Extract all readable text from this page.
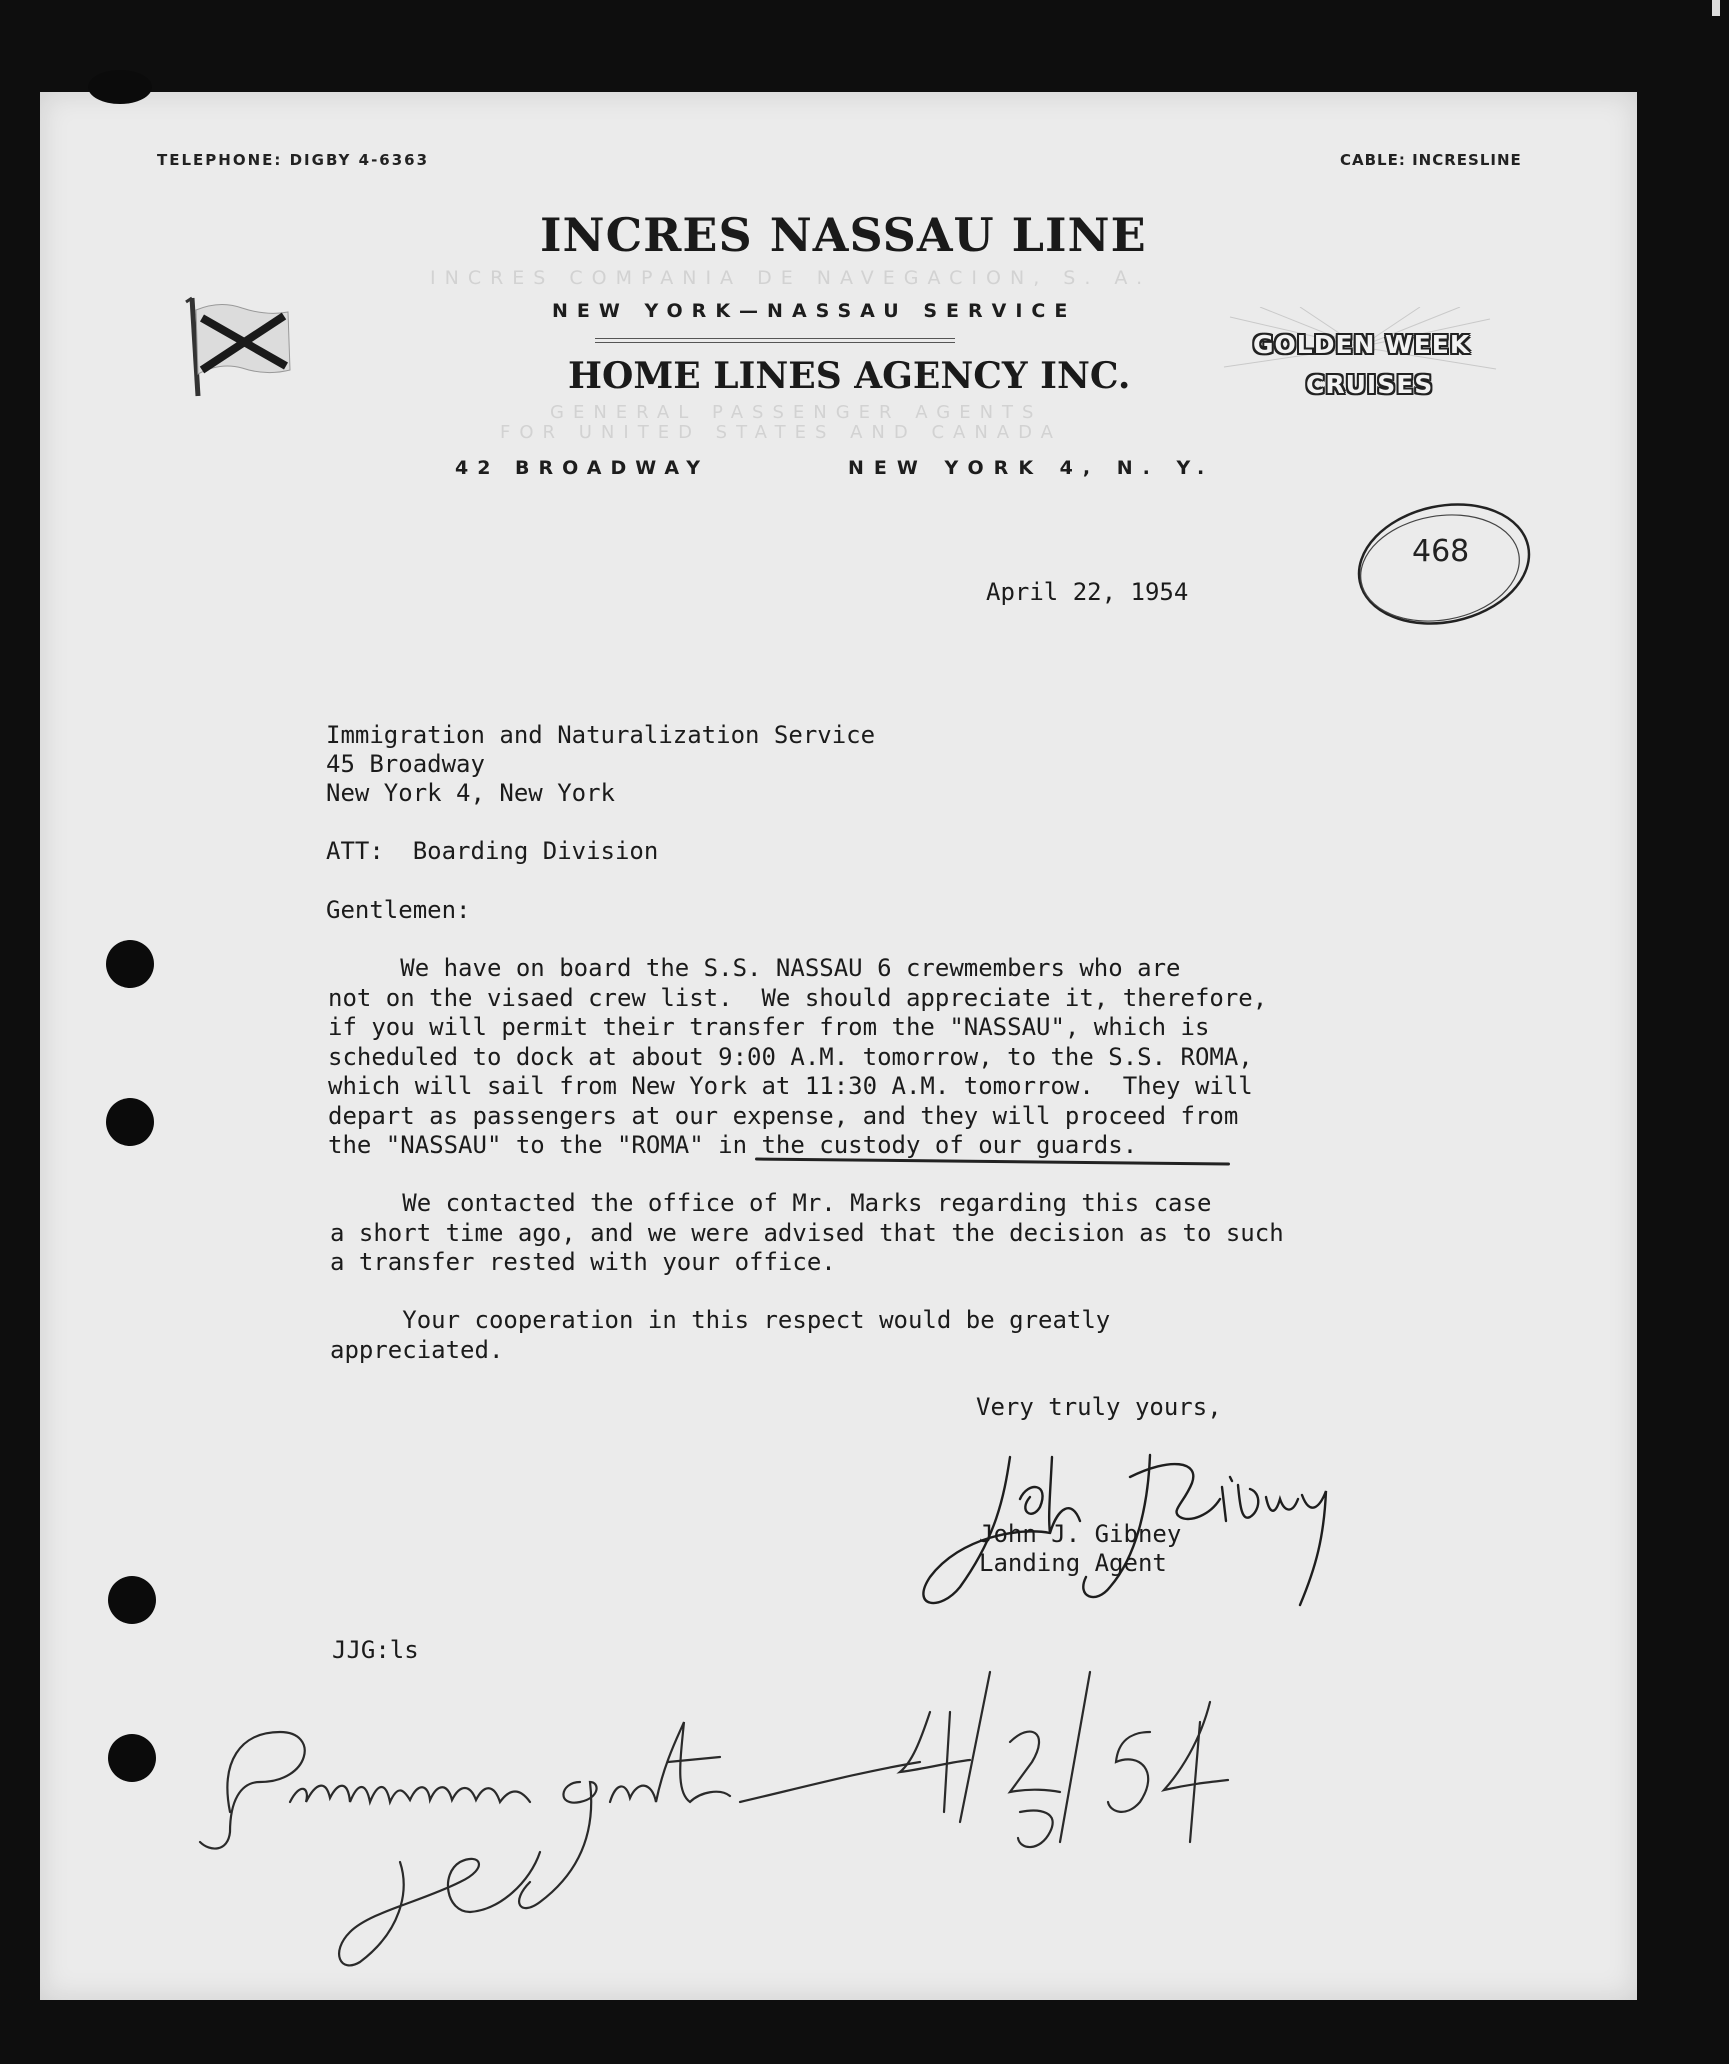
TELEPHONE: DIGBY 4-6363	CABLE: INCRESLINE
INCRES NASSAU LINE
INCRES COMPANIA DE NAVEGACION, S. A.
NEW YORK—NASSAU SERVICE
HOME LINES AGENCY INC.
GENERAL PASSENGER AGENTS
FOR UNITED STATES AND CANADA
42 BROADWAY	NEW YORK 4, N. Y.
GOLDEN WEEK
CRUISES
468
April 22, 1954
Immigration and Naturalization Service
45 Broadway
New York 4, New York
ATT:  Boarding Division
Gentlemen:
We have on board the S.S. NASSAU 6 crewmembers who are
not on the visaed crew list.  We should appreciate it, therefore,
if you will permit their transfer from the "NASSAU", which is
scheduled to dock at about 9:00 A.M. tomorrow, to the S.S. ROMA,
which will sail from New York at 11:30 A.M. tomorrow.  They will
depart as passengers at our expense, and they will proceed from
the "NASSAU" to the "ROMA" in the custody of our guards.
We contacted the office of Mr. Marks regarding this case
a short time ago, and we were advised that the decision as to such
a transfer rested with your office.
Your cooperation in this respect would be greatly
appreciated.
Very truly yours,
John J. Gibney
Landing Agent
JJG:ls
